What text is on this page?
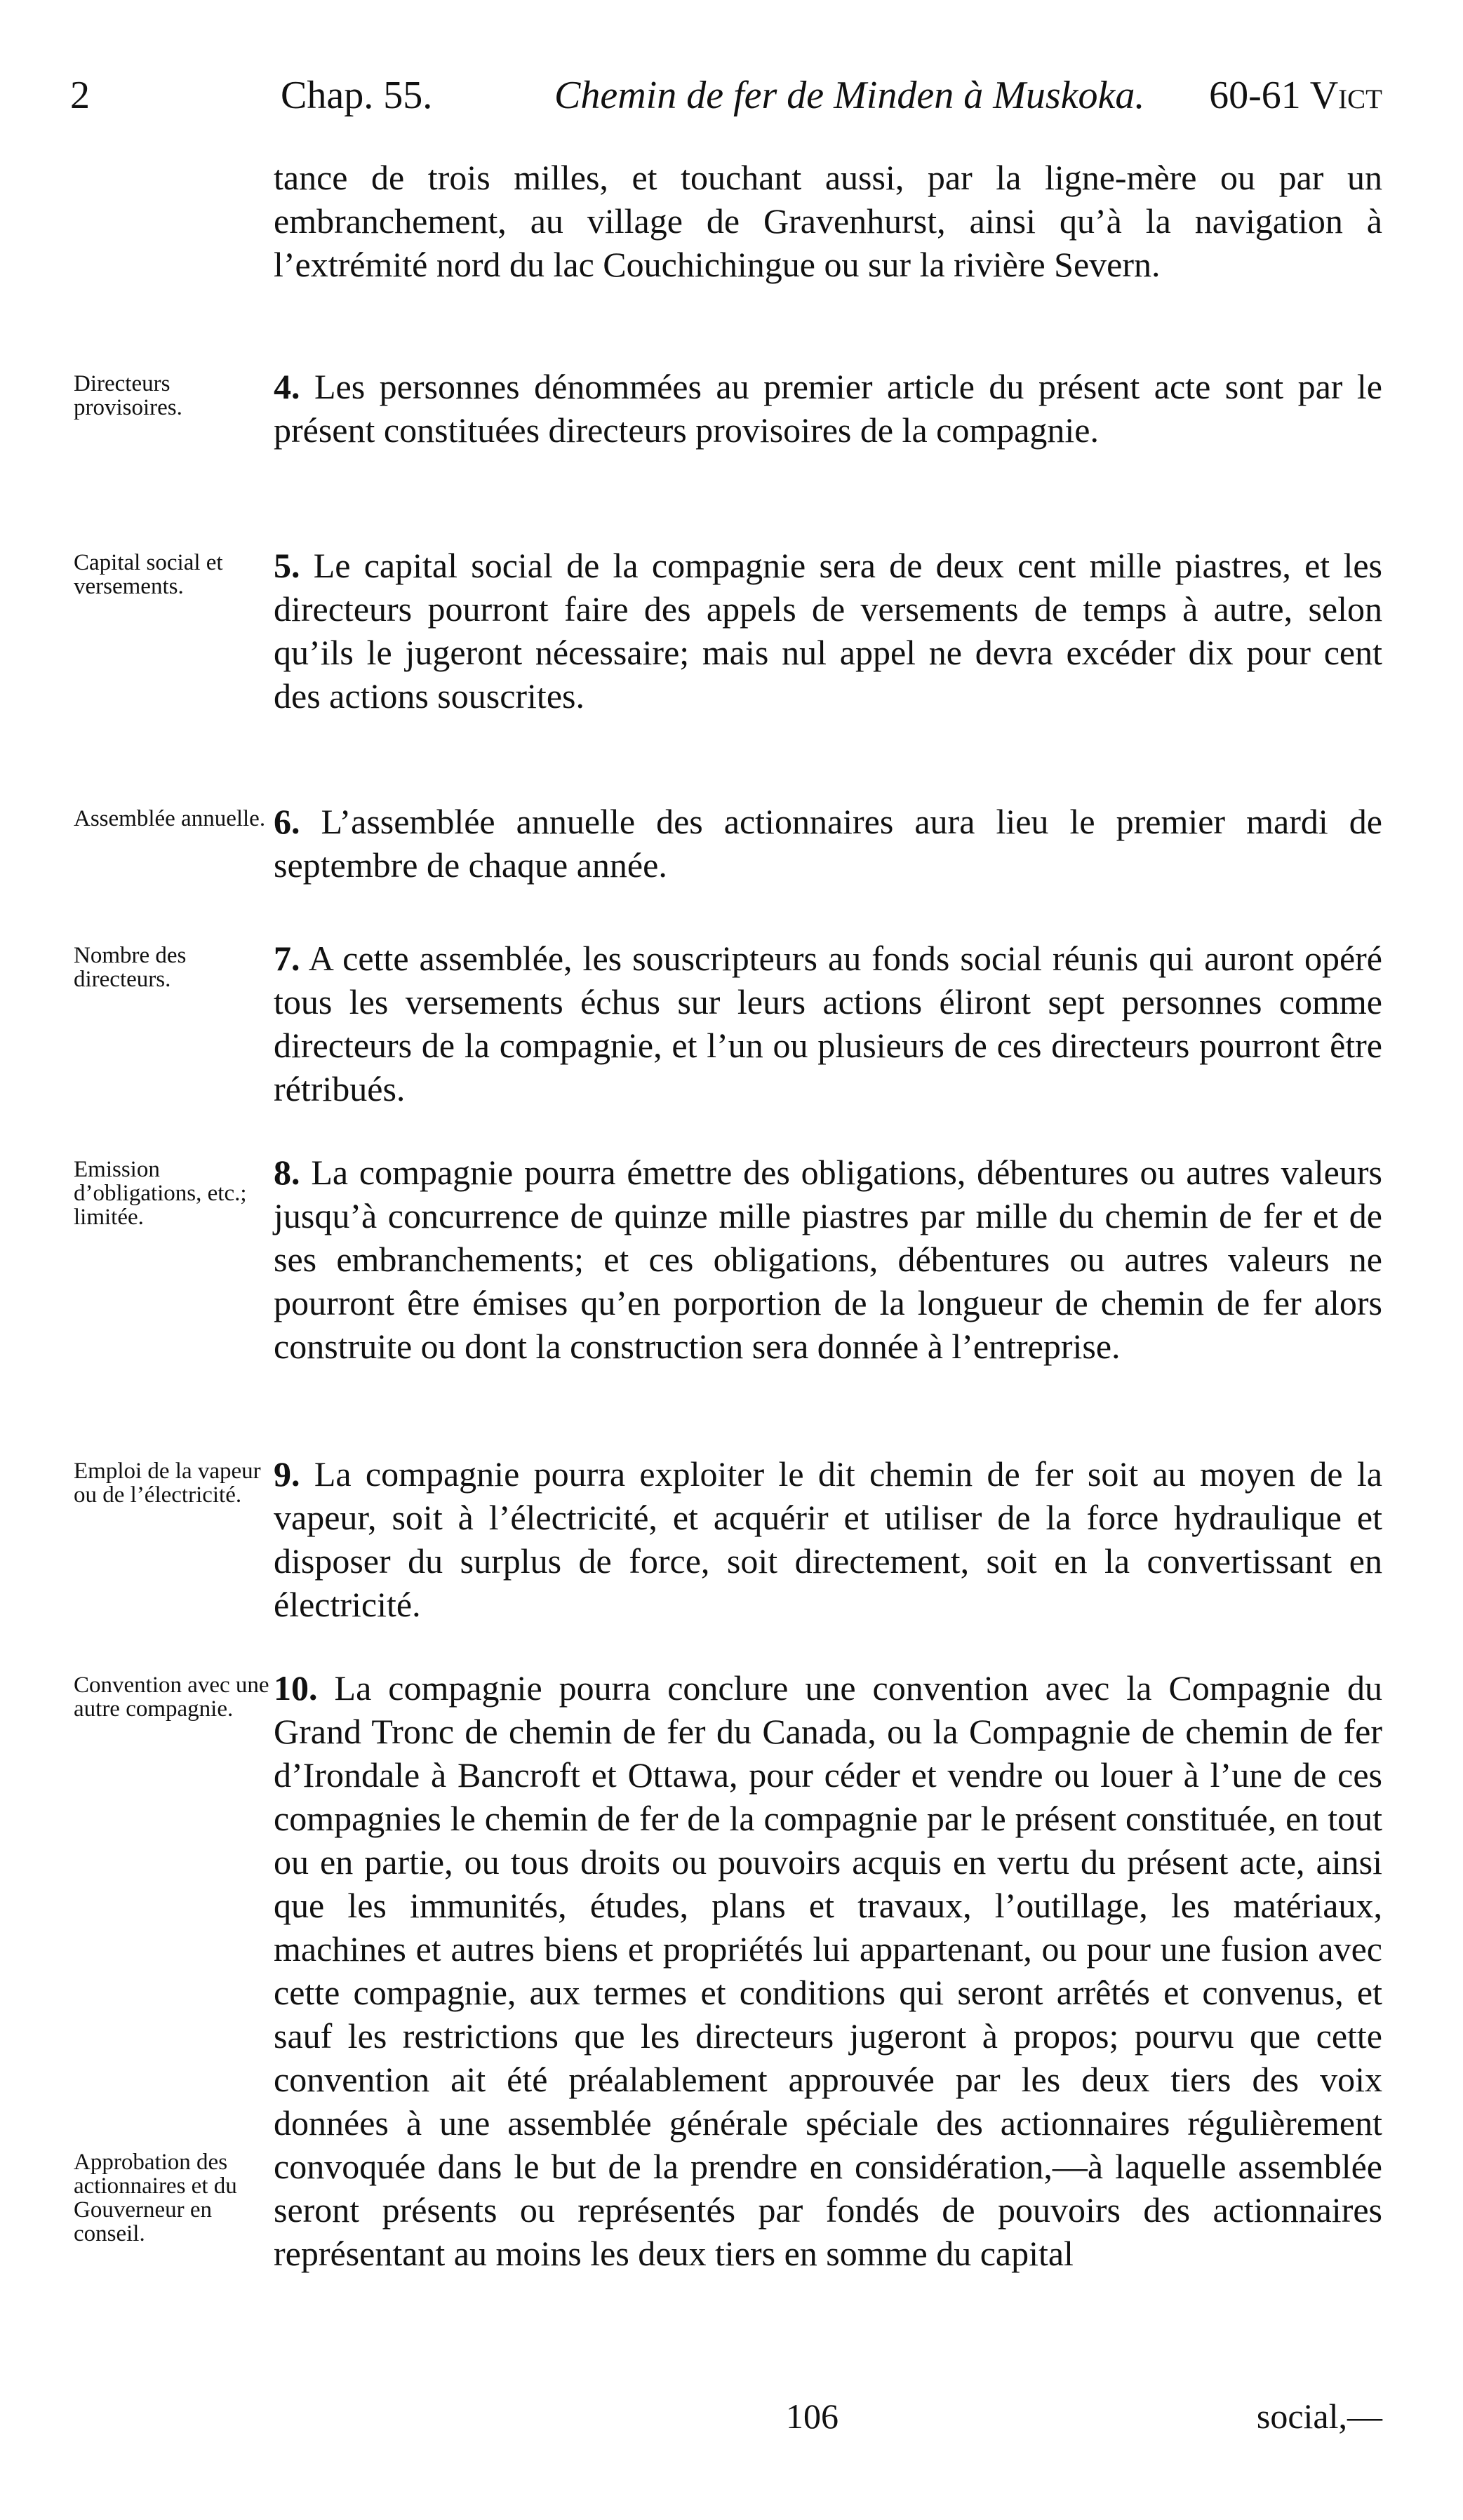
2	Chap. 55.	Chemin de fer de Minden à Muskoka. 60-61 Vict
tance de trois milles, et touchant aussi, par la ligne-mère ou par un embranchement, au village de Gravenhurst, ainsi qu’à la navigation à l’extrémité nord du lac Couchichingue ou sur la rivière Severn.
Directeurs provisoires.
4. Les personnes dénommées au premier article du présent acte sont par le présent constituées directeurs provisoires de la compagnie.
Capital social et versements.
5. Le capital social de la compagnie sera de deux cent mille piastres, et les directeurs pourront faire des appels de versements de temps à autre, selon qu’ils le jugeront nécessaire; mais nul appel ne devra excéder dix pour cent des actions souscrites.
Assemblée annuelle. 6. L’assemblée annuelle des actionnaires aura lieu le premier mardi de septembre de chaque année.
Nombre des directeurs.
7. A cette assemblée, les souscripteurs au fonds social réunis qui auront opéré tous les versements échus sur leurs actions éliront sept personnes comme directeurs de la compagnie, et l’un ou plusieurs de ces directeurs pourront être rétribués.
Emission d’obligations, etc.; limitée.
8. La compagnie pourra émettre des obligations, débentures ou autres valeurs jusqu’à concurrence de quinze mille piastres par mille du chemin de fer et de ses embranchements; et ces obligations, débentures ou autres valeurs ne pourront être émises qu’en porportion de la longueur de chemin de fer alors construite ou dont la construction sera donnée à l’entreprise.
Emploi de la vapeur ou de l’électricité.
9. La compagnie pourra exploiter le dit chemin de fer soit au moyen de la vapeur, soit à l’électricité, et acquérir et utiliser de la force hydraulique et disposer du surplus de force, soit directement, soit en la convertissant en électricité.
Convention avec une autre compagnie.
Approbation des actionnaires et du Gouverneur en conseil.
10. La compagnie pourra conclure une convention avec la Compagnie du Grand Tronc de chemin de fer du Canada, ou la Compagnie de chemin de fer d’Irondale à Bancroft et Ottawa, pour céder et vendre ou louer à l’une de ces compagnies le chemin de fer de la compagnie par le présent constituée, en tout ou en partie, ou tous droits ou pouvoirs acquis en vertu du présent acte, ainsi que les immunités, études, plans et travaux, l’outillage, les matériaux, machines et autres biens et propriétés lui appartenant, ou pour une fusion avec cette compagnie, aux termes et conditions qui seront arrêtés et convenus, et sauf les restrictions que les directeurs jugeront à propos; pourvu que cette convention ait été préalablement approuvée par les deux tiers des voix données à une assemblée générale spéciale des actionnaires régulièrement convoquée dans le but de la prendre en considération,—à laquelle assemblée seront présents ou représentés par fondés de pouvoirs des actionnaires représentant au moins les deux tiers en somme du capital
106	social,—
